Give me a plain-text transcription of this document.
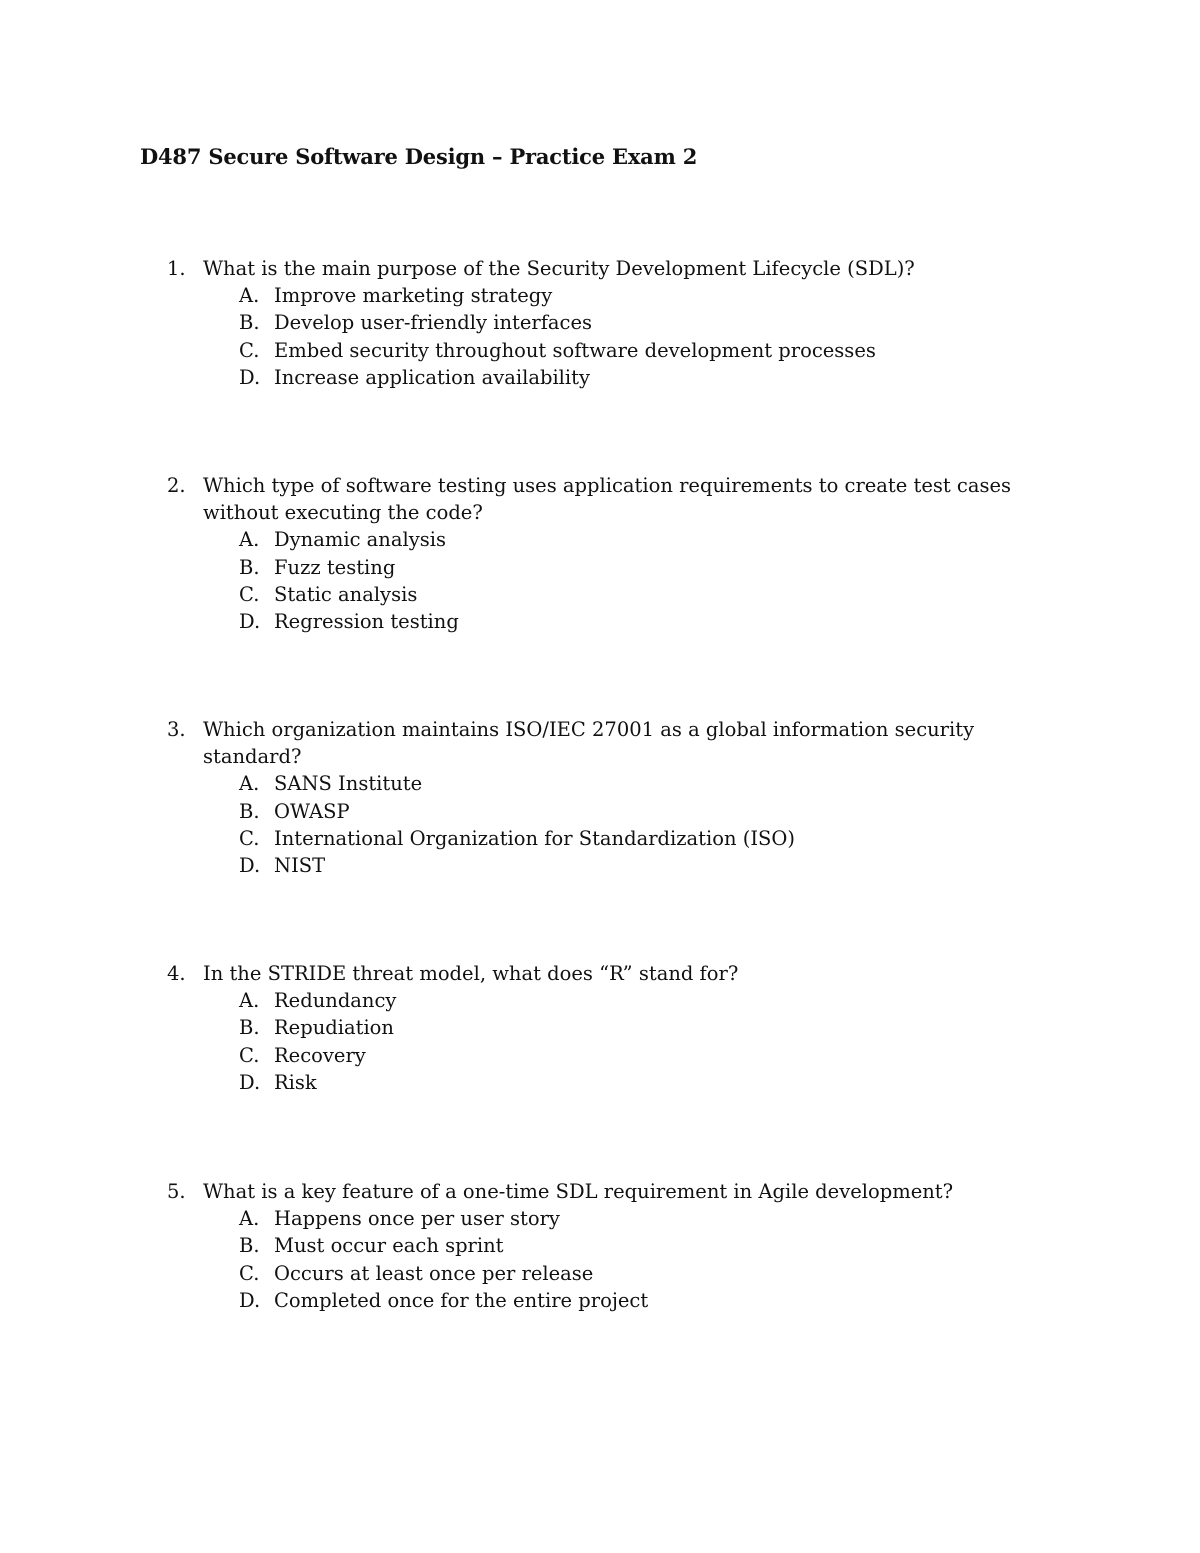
D487 Secure Software Design – Practice Exam 2
1. What is the main purpose of the Security Development Lifecycle (SDL)?
A. Improve marketing strategy
B. Develop user-friendly interfaces
C. Embed security throughout software development processes
D. Increase application availability
2. Which type of software testing uses application requirements to create test cases without executing the code?
A. Dynamic analysis
B. Fuzz testing
C. Static analysis
D. Regression testing
3. Which organization maintains ISO/IEC 27001 as a global information security standard?
A. SANS Institute
B. OWASP
C. International Organization for Standardization (ISO)
D. NIST
4. In the STRIDE threat model, what does “R” stand for?
A. Redundancy
B. Repudiation
C. Recovery
D. Risk
5. What is a key feature of a one-time SDL requirement in Agile development?
A. Happens once per user story
B. Must occur each sprint
C. Occurs at least once per release
D. Completed once for the entire project
